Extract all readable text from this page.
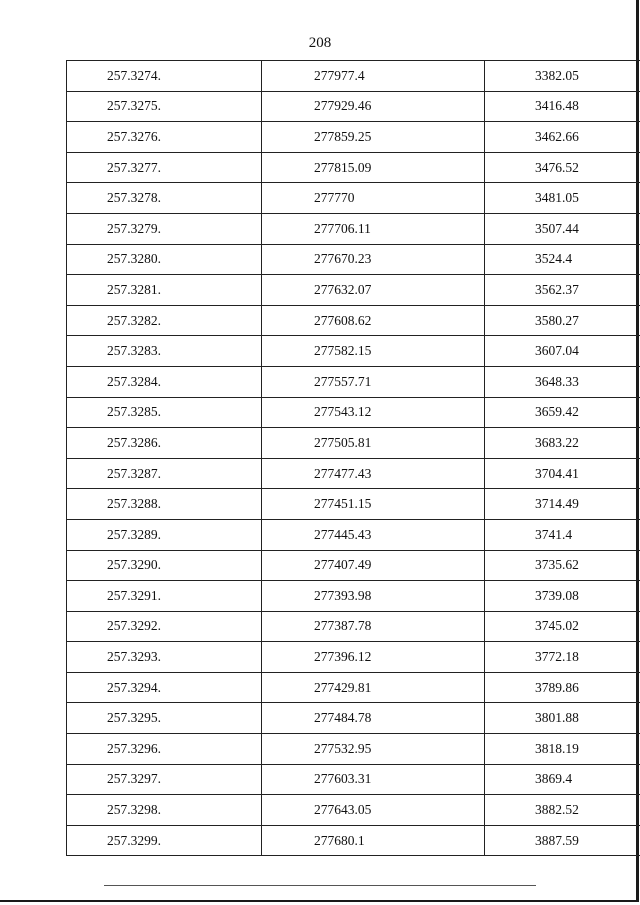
208
257.3274.	277977.4	3382.05
257.3275.	277929.46	3416.48
257.3276.	277859.25	3462.66
257.3277.	277815.09	3476.52
257.3278.	277770	3481.05
257.3279.	277706.11	3507.44
257.3280.	277670.23	3524.4
257.3281.	277632.07	3562.37
257.3282.	277608.62	3580.27
257.3283.	277582.15	3607.04
257.3284.	277557.71	3648.33
257.3285.	277543.12	3659.42
257.3286.	277505.81	3683.22
257.3287.	277477.43	3704.41
257.3288.	277451.15	3714.49
257.3289.	277445.43	3741.4
257.3290.	277407.49	3735.62
257.3291.	277393.98	3739.08
257.3292.	277387.78	3745.02
257.3293.	277396.12	3772.18
257.3294.	277429.81	3789.86
257.3295.	277484.78	3801.88
257.3296.	277532.95	3818.19
257.3297.	277603.31	3869.4
257.3298.	277643.05	3882.52
257.3299.	277680.1	3887.59
